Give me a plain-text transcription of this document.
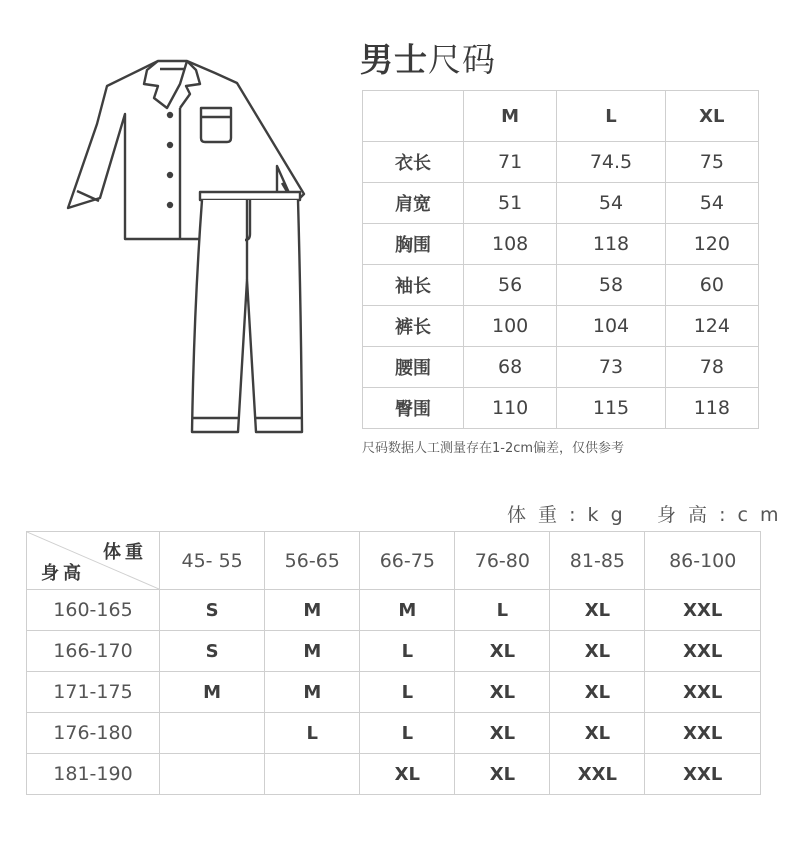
男士尺码
	M	L	XL
衣长	71	74.5	75
肩宽	51	54	54
胸围	108	118	120
袖长	56	58	60
裤长	100	104	124
腰围	68	73	78
臀围	110	115	118
尺码数据人工测量存在1-2cm偏差，仅供参考
体 重 : k g 身 高 : c m
体重
身高	45- 55	56-65	66-75	76-80	81-85	86-100
160-165	S	M	M	L	XL	XXL
166-170	S	M	L	XL	XL	XXL
171-175	M	M	L	XL	XL	XXL
176-180		L	L	XL	XL	XXL
181-190			XL	XL	XXL	XXL
